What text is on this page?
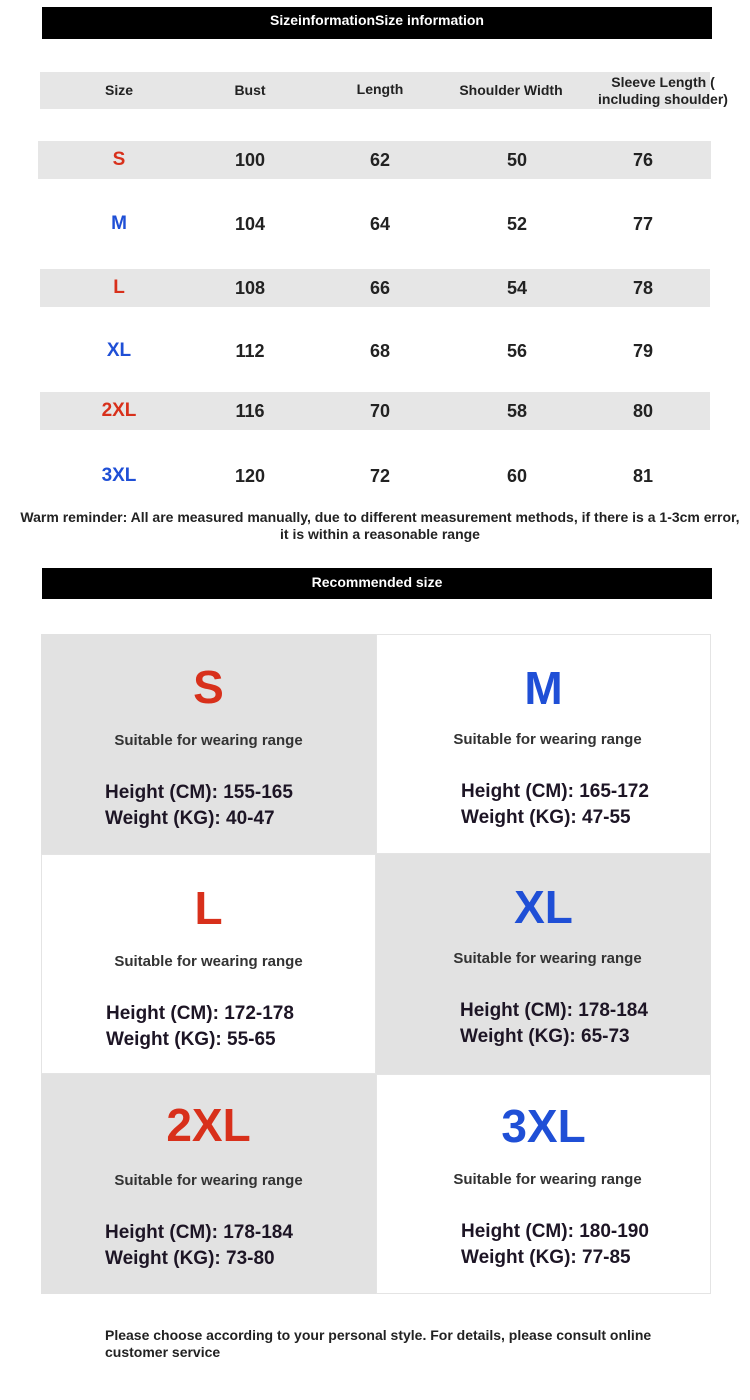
SizeinformationSize information
Size	Bust	Length	Shoulder Width	Sleeve Length ( including shoulder)
S	100	62	50	76
M	104	64	52	77
L	108	66	54	78
XL	112	68	56	79
2XL	116	70	58	80
3XL	120	72	60	81
Warm reminder: All are measured manually, due to different measurement methods, if there is a 1-3cm error, it is within a reasonable range
Recommended size
S
Suitable for wearing range
Height (CM): 155-165
Weight (KG): 40-47
M
Suitable for wearing range
Height (CM): 165-172
Weight (KG): 47-55
L
Suitable for wearing range
Height (CM): 172-178
Weight (KG): 55-65
XL
Suitable for wearing range
Height (CM): 178-184
Weight (KG): 65-73
2XL
Suitable for wearing range
Height (CM): 178-184
Weight (KG): 73-80
3XL
Suitable for wearing range
Height (CM): 180-190
Weight (KG): 77-85
Please choose according to your personal style. For details, please consult online customer service
